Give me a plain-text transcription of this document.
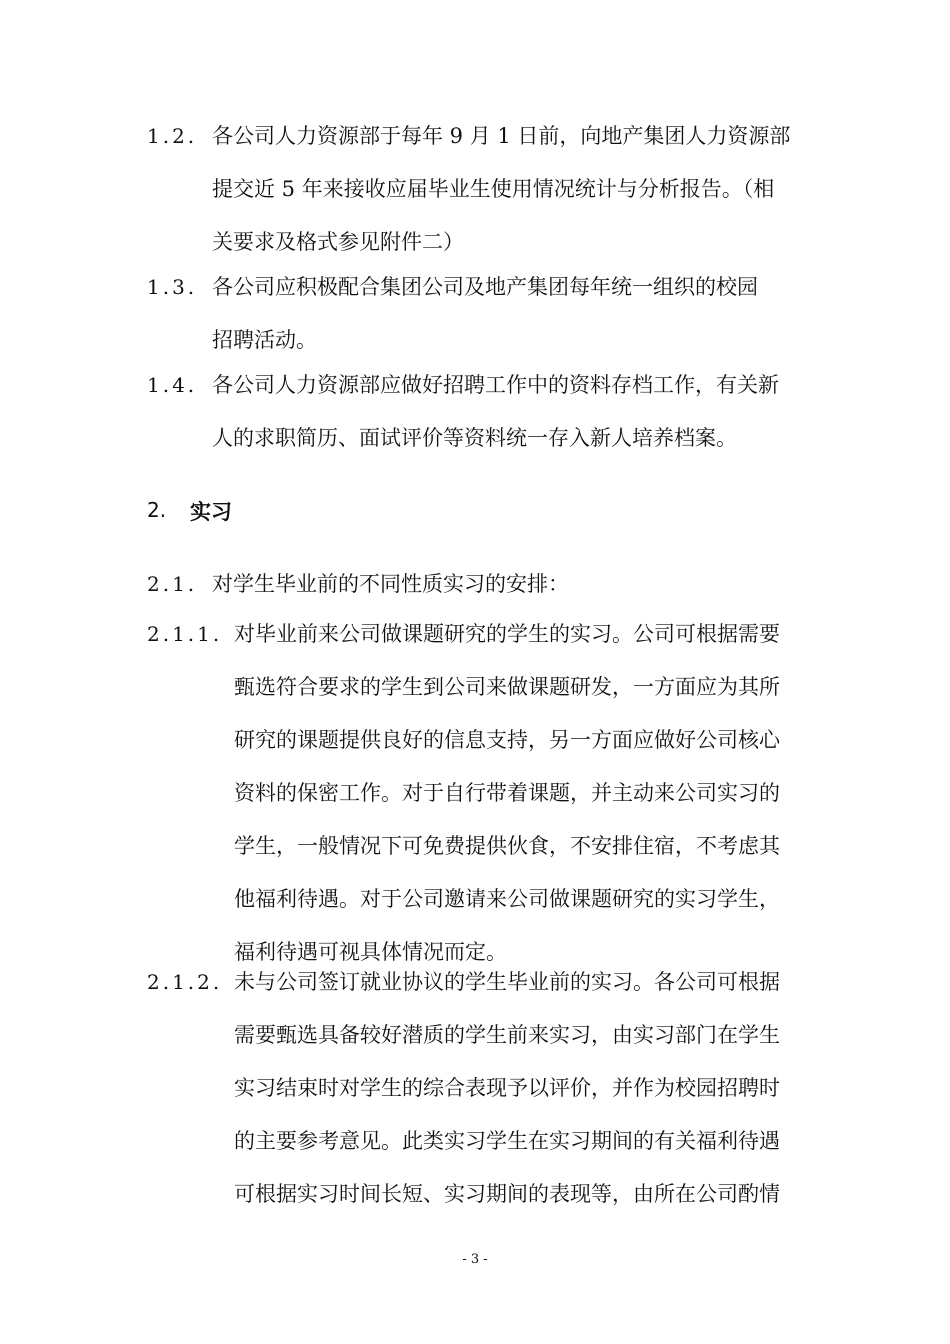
1.2. 各公司人力资源部于每年 9 月 1 日前，向地产集团人力资源部
提交近 5 年来接收应届毕业生使用情况统计与分析报告。（相
关要求及格式参见附件二）
1.3. 各公司应积极配合集团公司及地产集团每年统一组织的校园
招聘活动。
1.4. 各公司人力资源部应做好招聘工作中的资料存档工作，有关新
人的求职简历、面试评价等资料统一存入新人培养档案。
2. 实习
2.1. 对学生毕业前的不同性质实习的安排：
2.1.1. 对毕业前来公司做课题研究的学生的实习。公司可根据需要
甄选符合要求的学生到公司来做课题研发，一方面应为其所
研究的课题提供良好的信息支持，另一方面应做好公司核心
资料的保密工作。对于自行带着课题，并主动来公司实习的
学生，一般情况下可免费提供伙食，不安排住宿，不考虑其
他福利待遇。对于公司邀请来公司做课题研究的实习学生，
福利待遇可视具体情况而定。
2.1.2. 未与公司签订就业协议的学生毕业前的实习。各公司可根据
需要甄选具备较好潜质的学生前来实习，由实习部门在学生
实习结束时对学生的综合表现予以评价，并作为校园招聘时
的主要参考意见。此类实习学生在实习期间的有关福利待遇
可根据实习时间长短、实习期间的表现等，由所在公司酌情
- 3 -
